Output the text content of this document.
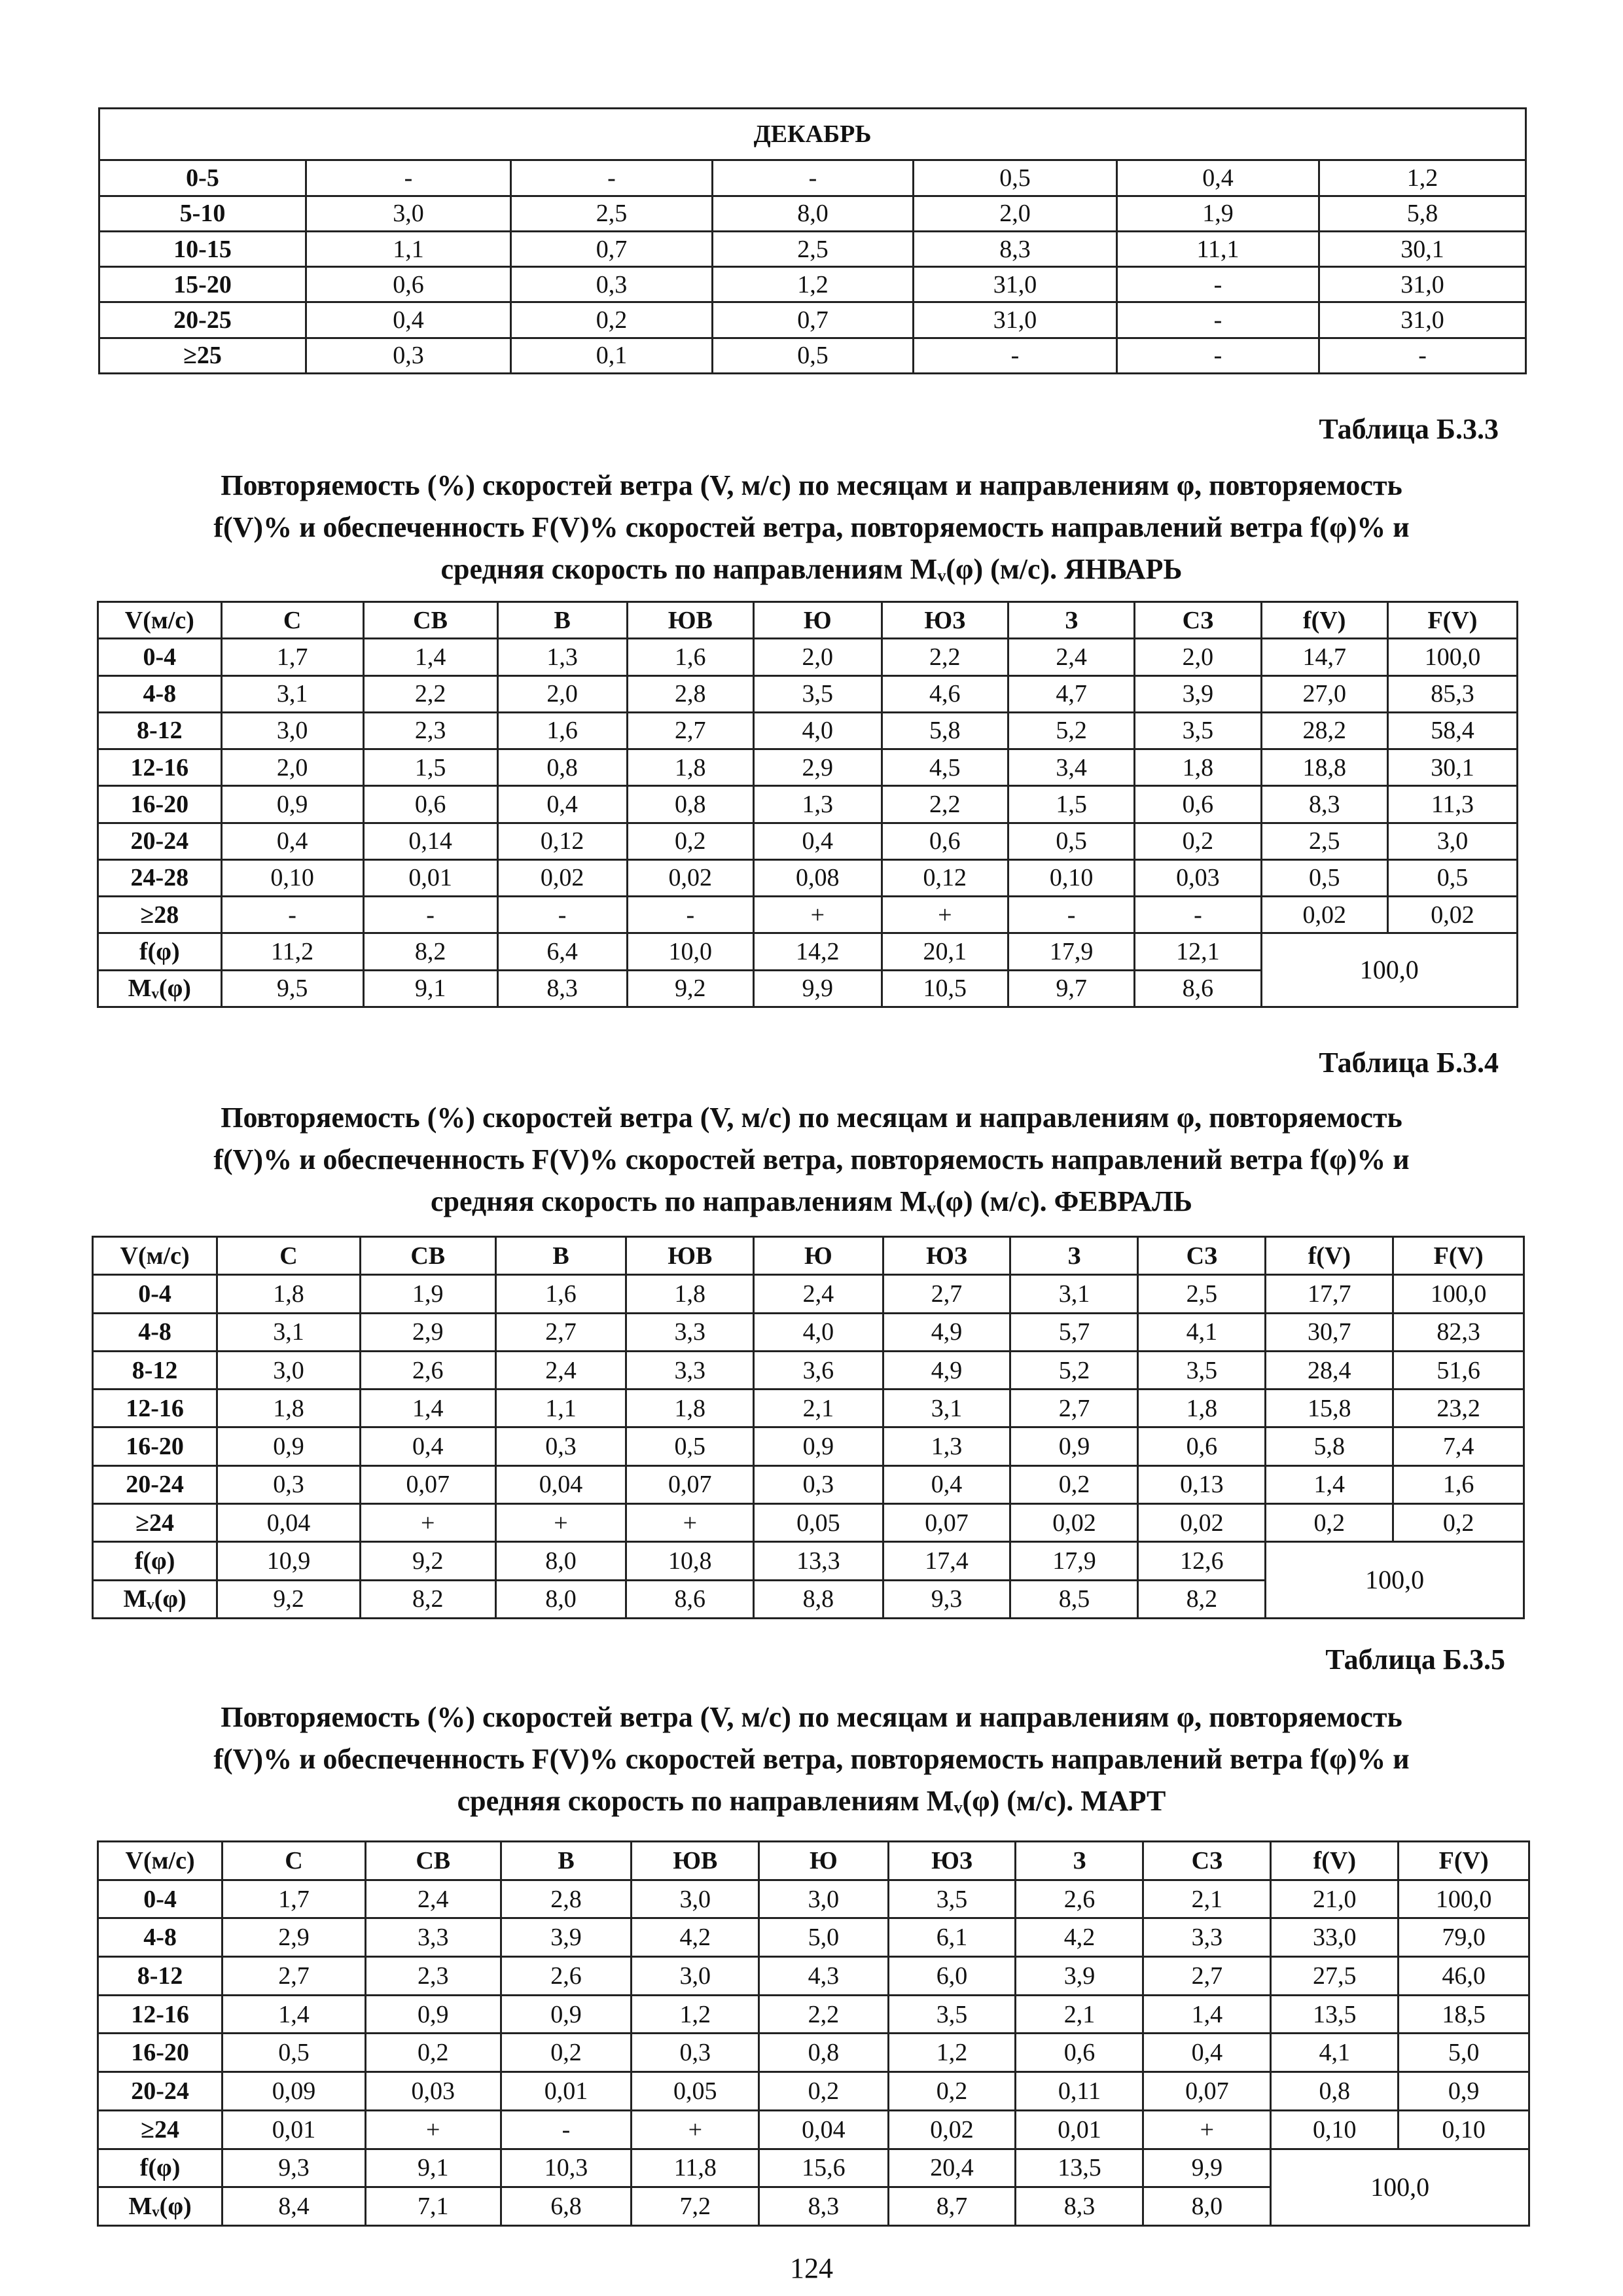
ДЕКАБРЬ						
0-5	-	-	-	0,5	0,4	1,2
5-10	3,0	2,5	8,0	2,0	1,9	5,8
10-15	1,1	0,7	2,5	8,3	11,1	30,1
15-20	0,6	0,3	1,2	31,0	-	31,0
20-25	0,4	0,2	0,7	31,0	-	31,0
≥25	0,3	0,1	0,5	-	-	-
Таблица Б.3.3
Повторяемость (%) скоростей ветра (V, м/с) по месяцам и направлениям φ, повторяемость
f(V)% и обеспеченность F(V)% скоростей ветра, повторяемость направлений ветра f(φ)% и
средняя скорость по направлениям Mᵥ(φ) (м/с). ЯНВАРЬ
V(м/с)	С	СВ	В	ЮВ	Ю	ЮЗ	З	СЗ	f(V)	F(V)
0-4	1,7	1,4	1,3	1,6	2,0	2,2	2,4	2,0	14,7	100,0
4-8	3,1	2,2	2,0	2,8	3,5	4,6	4,7	3,9	27,0	85,3
8-12	3,0	2,3	1,6	2,7	4,0	5,8	5,2	3,5	28,2	58,4
12-16	2,0	1,5	0,8	1,8	2,9	4,5	3,4	1,8	18,8	30,1
16-20	0,9	0,6	0,4	0,8	1,3	2,2	1,5	0,6	8,3	11,3
20-24	0,4	0,14	0,12	0,2	0,4	0,6	0,5	0,2	2,5	3,0
24-28	0,10	0,01	0,02	0,02	0,08	0,12	0,10	0,03	0,5	0,5
≥28	-	-	-	-	+	+	-	-	0,02	0,02
f(φ)	11,2	8,2	6,4	10,0	14,2	20,1	17,9	12,1	100,0	
Mᵥ(φ)	9,5	9,1	8,3	9,2	9,9	10,5	9,7	8,6		
Таблица Б.3.4
Повторяемость (%) скоростей ветра (V, м/с) по месяцам и направлениям φ, повторяемость
f(V)% и обеспеченность F(V)% скоростей ветра, повторяемость направлений ветра f(φ)% и
средняя скорость по направлениям Mᵥ(φ) (м/с). ФЕВРАЛЬ
V(м/с)	С	СВ	В	ЮВ	Ю	ЮЗ	З	СЗ	f(V)	F(V)
0-4	1,8	1,9	1,6	1,8	2,4	2,7	3,1	2,5	17,7	100,0
4-8	3,1	2,9	2,7	3,3	4,0	4,9	5,7	4,1	30,7	82,3
8-12	3,0	2,6	2,4	3,3	3,6	4,9	5,2	3,5	28,4	51,6
12-16	1,8	1,4	1,1	1,8	2,1	3,1	2,7	1,8	15,8	23,2
16-20	0,9	0,4	0,3	0,5	0,9	1,3	0,9	0,6	5,8	7,4
20-24	0,3	0,07	0,04	0,07	0,3	0,4	0,2	0,13	1,4	1,6
≥24	0,04	+	+	+	0,05	0,07	0,02	0,02	0,2	0,2
f(φ)	10,9	9,2	8,0	10,8	13,3	17,4	17,9	12,6	100,0	
Mᵥ(φ)	9,2	8,2	8,0	8,6	8,8	9,3	8,5	8,2		
Таблица Б.3.5
Повторяемость (%) скоростей ветра (V, м/с) по месяцам и направлениям φ, повторяемость
f(V)% и обеспеченность F(V)% скоростей ветра, повторяемость направлений ветра f(φ)% и
средняя скорость по направлениям Mᵥ(φ) (м/с). МАРТ
V(м/с)	С	СВ	В	ЮВ	Ю	ЮЗ	З	СЗ	f(V)	F(V)
0-4	1,7	2,4	2,8	3,0	3,0	3,5	2,6	2,1	21,0	100,0
4-8	2,9	3,3	3,9	4,2	5,0	6,1	4,2	3,3	33,0	79,0
8-12	2,7	2,3	2,6	3,0	4,3	6,0	3,9	2,7	27,5	46,0
12-16	1,4	0,9	0,9	1,2	2,2	3,5	2,1	1,4	13,5	18,5
16-20	0,5	0,2	0,2	0,3	0,8	1,2	0,6	0,4	4,1	5,0
20-24	0,09	0,03	0,01	0,05	0,2	0,2	0,11	0,07	0,8	0,9
≥24	0,01	+	-	+	0,04	0,02	0,01	+	0,10	0,10
f(φ)	9,3	9,1	10,3	11,8	15,6	20,4	13,5	9,9	100,0	
Mᵥ(φ)	8,4	7,1	6,8	7,2	8,3	8,7	8,3	8,0		
124
